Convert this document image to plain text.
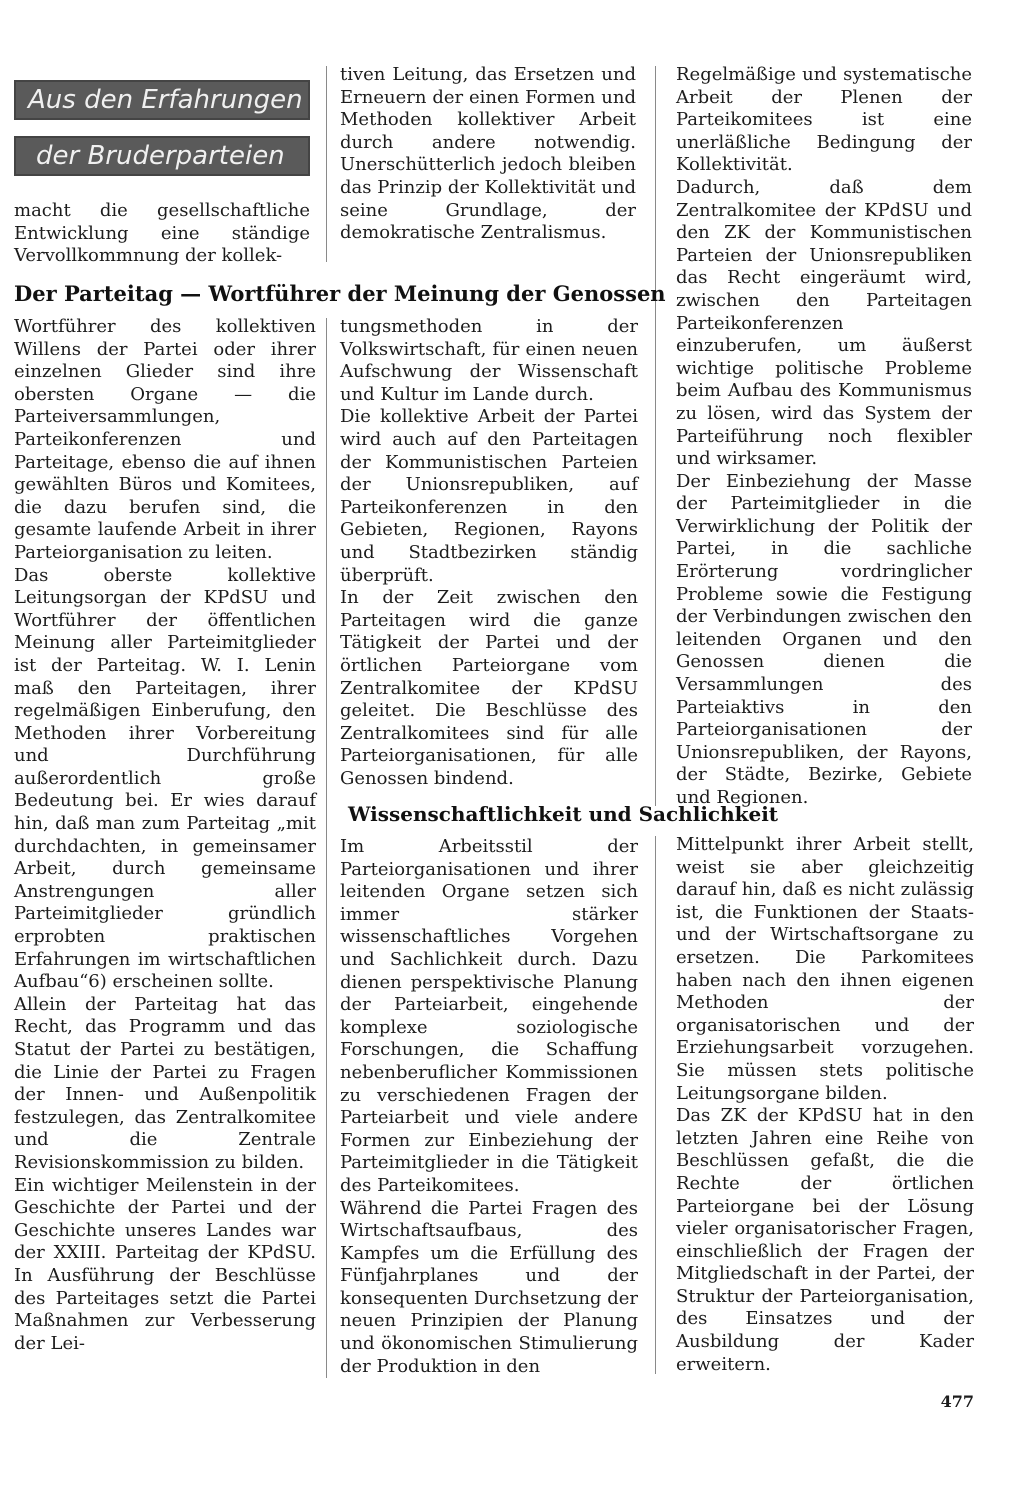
Aus den Erfahrungen
der Bruderparteien

macht die gesellschaftliche Entwicklung eine ständige Vervollkommnung der kollek-

tiven Leitung, das Ersetzen und Erneuern der einen Formen und Methoden kollektiver Arbeit durch andere notwendig. Unerschütterlich jedoch bleiben das Prinzip der Kollektivität und seine Grundlage, der demokratische Zentralismus.

Regelmäßige und systematische Arbeit der Plenen der Parteikomitees ist eine unerläßliche Bedingung der Kollektivität.

Dadurch, daß dem Zentralkomitee der KPdSU und den ZK der Kommunistischen Parteien der Unionsrepubliken das Recht eingeräumt wird, zwischen den Parteitagen Parteikonferenzen einzuberufen, um äußerst wichtige politische Probleme beim Aufbau des Kommunismus zu lösen, wird das System der Parteiführung noch flexibler und wirksamer.

Der Einbeziehung der Masse der Parteimitglieder in die Verwirklichung der Politik der Partei, in die sachliche Erörterung vordringlicher Probleme sowie die Festigung der Verbindungen zwischen den leitenden Organen und den Genossen dienen die Versammlungen des Parteiaktivs in den Parteiorganisationen der Unionsrepubliken, der Rayons, der Städte, Bezirke, Gebiete und Regionen.

Der Parteitag — Wortführer der Meinung der Genossen

Wortführer des kollektiven Willens der Partei oder ihrer einzelnen Glieder sind ihre obersten Organe — die Parteiversammlungen, Parteikonferenzen und Parteitage, ebenso die auf ihnen gewählten Büros und Komitees, die dazu berufen sind, die gesamte laufende Arbeit in ihrer Parteiorganisation zu leiten.

Das oberste kollektive Leitungsorgan der KPdSU und Wortführer der öffentlichen Meinung aller Parteimitglieder ist der Parteitag. W. I. Lenin maß den Parteitagen, ihrer regelmäßigen Einberufung, den Methoden ihrer Vorbereitung und Durchführung außerordentlich große Bedeutung bei. Er wies darauf hin, daß man zum Parteitag „mit durchdachten, in gemeinsamer Arbeit, durch gemeinsame Anstrengungen aller Parteimitglieder gründlich erprobten praktischen Erfahrungen im wirtschaftlichen Aufbau“6) erscheinen sollte.

Allein der Parteitag hat das Recht, das Programm und das Statut der Partei zu bestätigen, die Linie der Partei zu Fragen der Innen- und Außenpolitik festzulegen, das Zentralkomitee und die Zentrale Revisionskommission zu bilden.

Ein wichtiger Meilenstein in der Geschichte der Partei und der Geschichte unseres Landes war der XXIII. Parteitag der KPdSU. In Ausführung der Beschlüsse des Parteitages setzt die Partei Maßnahmen zur Verbesserung der Lei-

tungsmethoden in der Volkswirtschaft, für einen neuen Aufschwung der Wissenschaft und Kultur im Lande durch.

Die kollektive Arbeit der Partei wird auch auf den Parteitagen der Kommunistischen Parteien der Unionsrepubliken, auf Parteikonferenzen in den Gebieten, Regionen, Rayons und Stadtbezirken ständig überprüft.

In der Zeit zwischen den Parteitagen wird die ganze Tätigkeit der Partei und der örtlichen Parteiorgane vom Zentralkomitee der KPdSU geleitet. Die Beschlüsse des Zentralkomitees sind für alle Parteiorganisationen, für alle Genossen bindend.

Wissenschaftlichkeit und Sachlichkeit

Im Arbeitsstil der Parteiorganisationen und ihrer leitenden Organe setzen sich immer stärker wissenschaftliches Vorgehen und Sachlichkeit durch. Dazu dienen perspektivische Planung der Parteiarbeit, eingehende komplexe soziologische Forschungen, die Schaffung nebenberuflicher Kommissionen zu verschiedenen Fragen der Parteiarbeit und viele andere Formen zur Einbeziehung der Parteimitglieder in die Tätigkeit des Parteikomitees.

Während die Partei Fragen des Wirtschaftsaufbaus, des Kampfes um die Erfüllung des Fünfjahrplanes und der konsequenten Durchsetzung der neuen Prinzipien der Planung und ökonomischen Stimulierung der Produktion in den

Mittelpunkt ihrer Arbeit stellt, weist sie aber gleichzeitig darauf hin, daß es nicht zulässig ist, die Funktionen der Staats- und der Wirtschaftsorgane zu ersetzen. Die Parkomitees haben nach den ihnen eigenen Methoden der organisatorischen und der Erziehungsarbeit vorzugehen. Sie müssen stets politische Leitungsorgane bilden.

Das ZK der KPdSU hat in den letzten Jahren eine Reihe von Beschlüssen gefaßt, die die Rechte der örtlichen Parteiorgane bei der Lösung vieler organisatorischer Fragen, einschließlich der Fragen der Mitgliedschaft in der Partei, der Struktur der Parteiorganisation, des Einsatzes und der Ausbildung der Kader erweitern.

477
